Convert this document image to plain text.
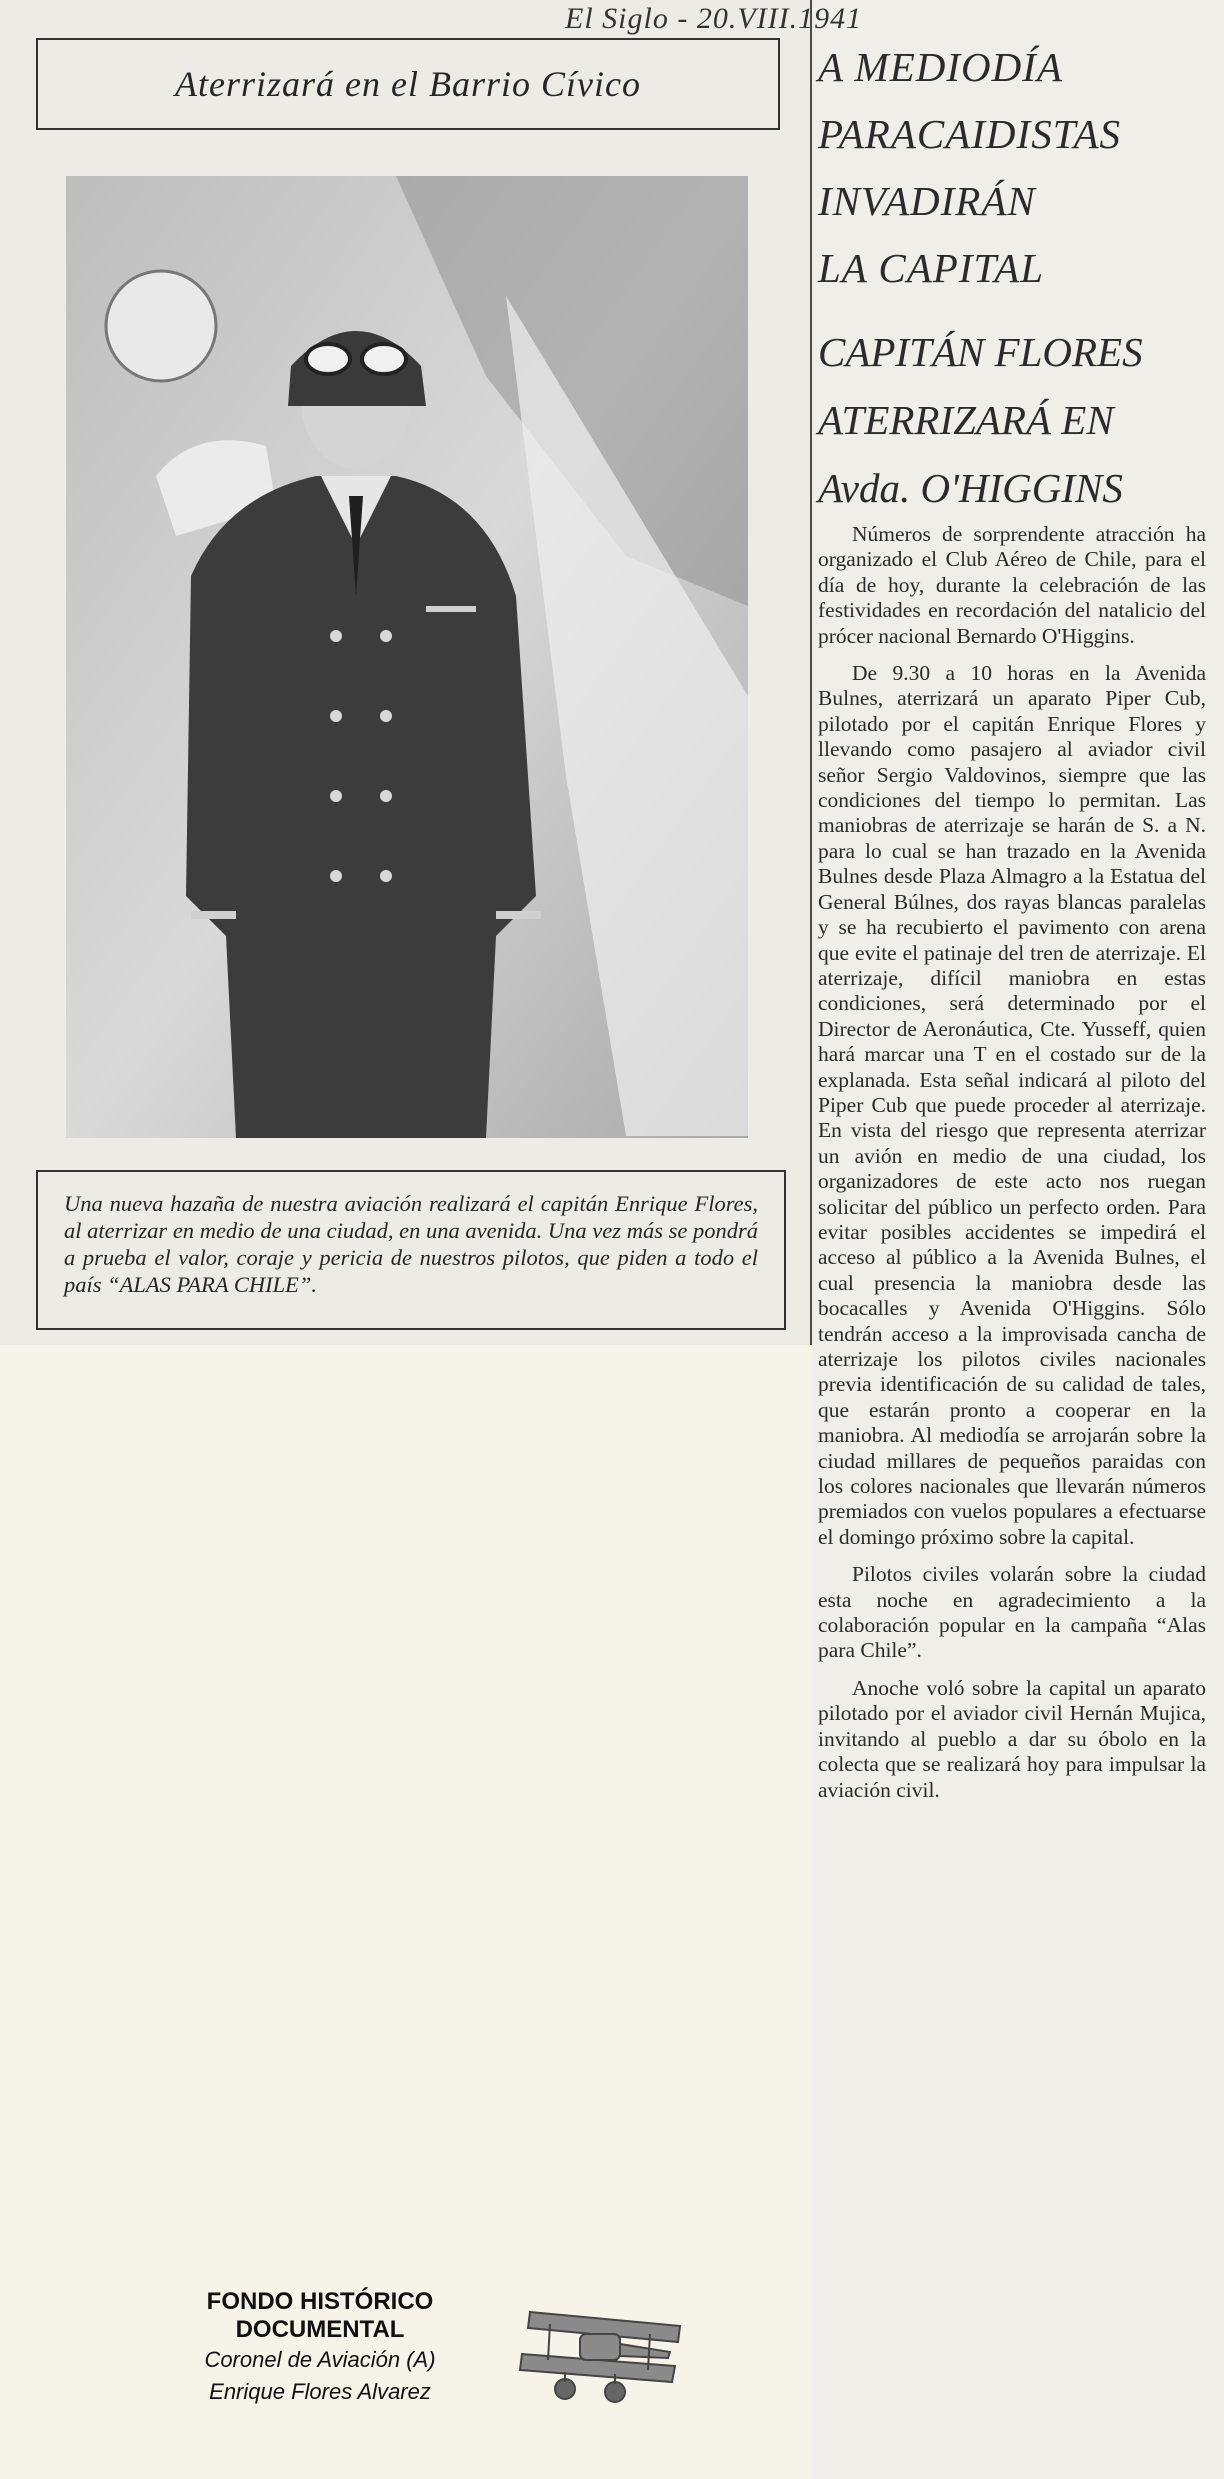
Aterrizará en el Barrio Cívico
Una nueva hazaña de nuestra aviación realizará el capitán Enrique Flores, al aterrizar en medio de una ciudad, en una avenida. Una vez más se pondrá a prueba el valor, coraje y pericia de nuestros pilotos, que piden a todo el país “ALAS PARA CHILE”.
El Siglo - 20.VIII.1941
A MEDIODÍA
PARACAIDISTAS
INVADIRÁN
LA CAPITAL
CAPITÁN FLORES
ATERRIZARÁ EN
Avda. O'HIGGINS

Números de sorprendente atracción ha organizado el Club Aéreo de Chile, para el día de hoy, durante la celebración de las festividades en recordación del natalicio del prócer nacional Bernardo O'Higgins.

De 9.30 a 10 horas en la Avenida Bulnes, aterrizará un aparato Piper Cub, pilotado por el capitán Enrique Flores y llevando como pasajero al aviador civil señor Sergio Valdovinos, siempre que las condiciones del tiempo lo permitan. Las maniobras de aterrizaje se harán de S. a N. para lo cual se han trazado en la Avenida Bulnes desde Plaza Almagro a la Estatua del General Búlnes, dos rayas blancas paralelas y se ha recubierto el pavimento con arena que evite el patinaje del tren de aterrizaje. El aterrizaje, difícil maniobra en estas condiciones, será determinado por el Director de Aeronáutica, Cte. Yusseff, quien hará marcar una T en el costado sur de la explanada. Esta señal indicará al piloto del Piper Cub que puede proceder al aterrizaje. En vista del riesgo que representa aterrizar un avión en medio de una ciudad, los organizadores de este acto nos ruegan solicitar del público un perfecto orden. Para evitar posibles accidentes se impedirá el acceso al público a la Avenida Bulnes, el cual presencia la maniobra desde las bocacalles y Avenida O'Higgins. Sólo tendrán acceso a la improvisada cancha de aterrizaje los pilotos civiles nacionales previa identificación de su calidad de tales, que estarán pronto a cooperar en la maniobra. Al mediodía se arrojarán sobre la ciudad millares de pequeños paraidas con los colores nacionales que llevarán números premiados con vuelos populares a efectuarse el domingo próximo sobre la capital.

Pilotos civiles volarán sobre la ciudad esta noche en agradecimiento a la colaboración popular en la campaña “Alas para Chile”.

Anoche voló sobre la capital un aparato pilotado por el aviador civil Hernán Mujica, invitando al pueblo a dar su óbolo en la colecta que se realizará hoy para impulsar la aviación civil.

FONDO HISTÓRICO DOCUMENTAL
Coronel de Aviación (A)
Enrique Flores Alvarez
